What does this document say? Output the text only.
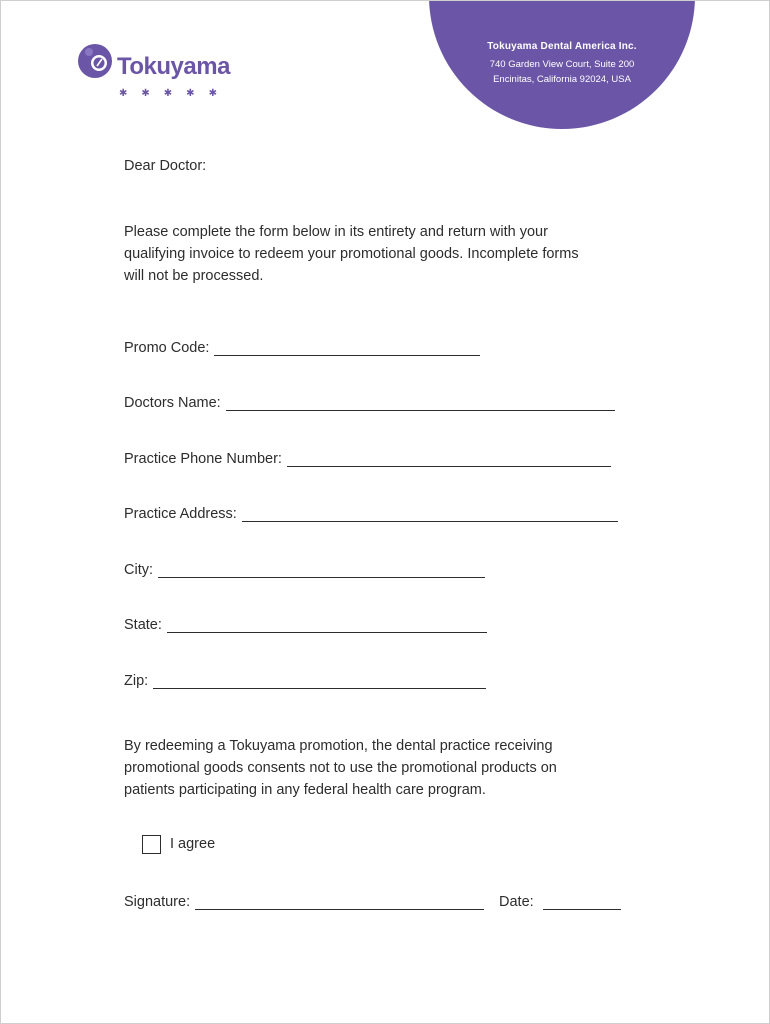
Tokuyama Dental America Inc.
740 Garden View Court, Suite 200
Encinitas, California 92024, USA
Tokuyama
✱ ✱ ✱ ✱ ✱
Dear Doctor:
Please complete the form below in its entirety and return with your
qualifying invoice to redeem your promotional goods. Incomplete forms
will not be processed.
Promo Code:
Doctors Name:
Practice Phone Number:
Practice Address:
City:
State:
Zip:
By redeeming a Tokuyama promotion, the dental practice receiving
promotional goods consents not to use the promotional products on
patients participating in any federal health care program.
I agree
Signature:	Date:
